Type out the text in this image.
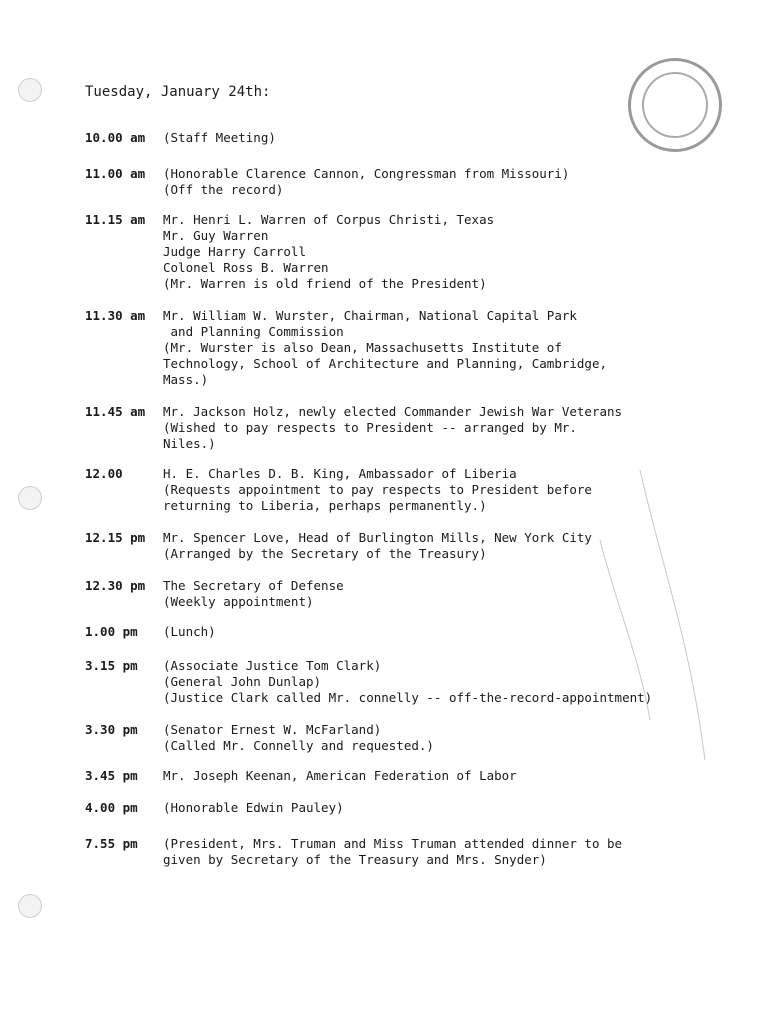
Tuesday, January 24th:
10.00 am	(Staff Meeting)
11.00 am	(Honorable Clarence Cannon, Congressman from Missouri)
(Off the record)
11.15 am	Mr. Henri L. Warren of Corpus Christi, Texas
Mr. Guy Warren
Judge Harry Carroll
Colonel Ross B. Warren
(Mr. Warren is old friend of the President)
11.30 am	Mr. William W. Wurster, Chairman, National Capital Park
and Planning Commission
(Mr. Wurster is also Dean, Massachusetts Institute of
Technology, School of Architecture and Planning, Cambridge,
Mass.)
11.45 am	Mr. Jackson Holz, newly elected Commander Jewish War Veterans
(Wished to pay respects to President -- arranged by Mr.
Niles.)
12.00	H. E. Charles D. B. King, Ambassador of Liberia
(Requests appointment to pay respects to President before
returning to Liberia, perhaps permanently.)
12.15 pm	Mr. Spencer Love, Head of Burlington Mills, New York City
(Arranged by the Secretary of the Treasury)
12.30 pm	The Secretary of Defense
(Weekly appointment)
1.00 pm	(Lunch)
3.15 pm	(Associate Justice Tom Clark)
(General John Dunlap)
(Justice Clark called Mr. connelly -- off-the-record-appointment)
3.30 pm	(Senator Ernest W. McFarland)
(Called Mr. Connelly and requested.)
3.45 pm	Mr. Joseph Keenan, American Federation of Labor
4.00 pm	(Honorable Edwin Pauley)
7.55 pm	(President, Mrs. Truman and Miss Truman attended dinner to be
given by Secretary of the Treasury and Mrs. Snyder)
